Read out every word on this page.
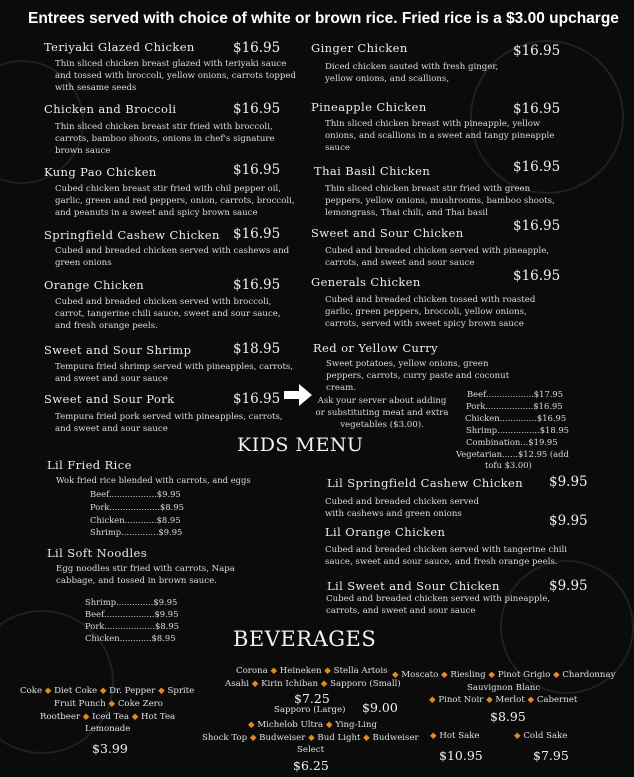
Entrees served with choice of white or brown rice. Fried rice is a $3.00 upcharge
Teriyaki Glazed Chicken	$16.95
Thin sliced chicken breast glazed with teriyaki sauce and tossed with broccoli, yellow onions, carrots topped with sesame seeds
Chicken and Broccoli	$16.95
Thin sliced chicken breast stir fried with broccoli, carrots, bamboo shoots, onions in chef's signature brown sauce
Kung Pao Chicken	$16.95
Cubed chicken breast stir fried with chil pepper oil, garlic, green and red peppers, onion, carrots, broccoli, and peanuts in a sweet and spicy brown sauce
Springfield Cashew Chicken $16.95
Cubed and breaded chicken served with cashews and green onions
Orange Chicken	$16.95
Cubed and breaded chicken served with broccoli, carrot, tangerine chili sauce, sweet and sour sauce, and fresh orange peels.
Sweet and Sour Shrimp	$18.95
Tempura fried shrimp served with pineapples, carrots, and sweet and sour sauce
Sweet and Sour Pork	$16.95
Tempura fried pork served with pineapples, carrots, and sweet and sour sauce
Ginger Chicken	$16.95
Diced chicken sauted with fresh ginger, yellow onions, and scallions,
Pineapple Chicken	$16.95
Thin sliced chicken breast with pineapple, yellow onions, and scallions in a sweet and tangy pineapple sauce
Thai Basil Chicken	$16.95
Thin sliced chicken breast stir fried with green peppers, yellow onions, mushrooms, bamboo shoots, lemongrass, Thai chili, and Thai basil
Sweet and Sour Chicken	$16.95
Cubed and breaded chicken served with pineapple, carrots, and sweet and sour sauce
Generals Chicken	$16.95
Cubed and breaded chicken tossed with roasted garlic, green peppers, broccoli, yellow onions, carrots, served with sweet spicy brown sauce
Red or Yellow Curry
Sweet potatoes, yellow onions, green peppers, carrots, curry paste and coconut cream.
Beef..................$17.95
Pork..................$16.95
Chicken..............$16.95
Shrimp................$18.95
Combination...$19.95
Vegetarian......$12.95 (add
tofu $3.00)
Ask your server about adding or substituting meat and extra vegetables ($3.00).
KIDS MENU
Lil Fried Rice
Wok fried rice blended with carrots, and eggs
Beef..................$9.95
Pork...................$8.95
Chicken............$8.95
Shrimp..............$9.95
Lil Soft Noodles
Egg noodles stir fried with carrots, Napa cabbage, and tossed in brown sauce.
Shrimp..............$9.95
Beef...................$9.95
Pork...................$8.95
Chicken............$8.95
Lil Springfield Cashew Chicken $9.95
Cubed and breaded chicken served with cashews and green onions	$9.95
Lil Orange Chicken
Cubed and breaded chicken served with tangerine chili sauce, sweet and sour sauce, and fresh orange peels.
Lil Sweet and Sour Chicken	$9.95
Cubed and breaded chicken served with pineapple, carrots, and sweet and sour sauce
BEVERAGES
Coke ◆ Diet Coke ◆ Dr. Pepper ◆ Sprite
Fruit Punch ◆ Coke Zero
Rootbeer ◆ Iced Tea ◆ Hot Tea
Lemonade
$3.99
Corona ◆ Heineken ◆ Stella Artois
Asahi ◆ Kirin Ichiban ◆ Sapporo (Small)
$7.25
Sapporo (Large) $9.00
◆ Michelob Ultra ◆ Ying-Ling
Shock Top ◆ Budweiser ◆ Bud Light ◆ Budweiser
Select
$6.25
◆ Moscato ◆ Riesling ◆ Pinot Grigio ◆ Chardonnay
Sauvignon Blanc
◆ Pinot Noir ◆ Merlot ◆ Cabernet
$8.95
◆ Hot Sake
$10.95
◆ Cold Sake
$7.95
